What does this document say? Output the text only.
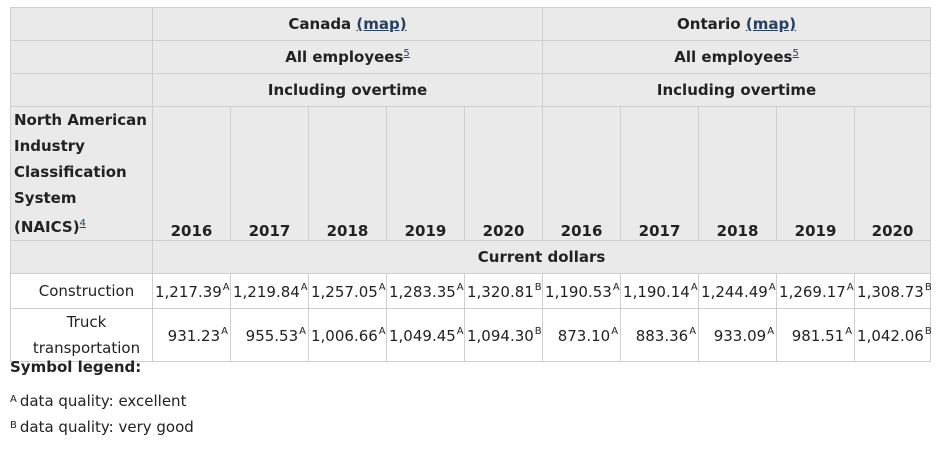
	Canada (map)					Ontario (map)				
	All employees$^5$					All employees$^5$
	Including overtime					Including overtime				
North American Industry Classification System (NAICS)$^4$	2016	2017	2018	2019	2020	2016	2017	2018	2019	2020
	Current dollars									
Construction	$1,217.39^A$	$1,219.84^A$	$1,257.05^A$	$1,283.35^A$	$1,320.81^B$	$1,190.53^A$	$1,190.14^A$	$1,244.49^A$	$1,269.17^A$	$1,308.73^B$
Truck transportation	$931.23^A$	$955.53^A$	$1,006.66^A$	$1,049.45^A$	$1,094.30^B$	$873.10^A$	$883.36^A$	$933.09^A$	$981.51^A$	$1,042.06^B$
Symbol legend:
$^A$ data quality: excellent
$^B$ data quality: very good
